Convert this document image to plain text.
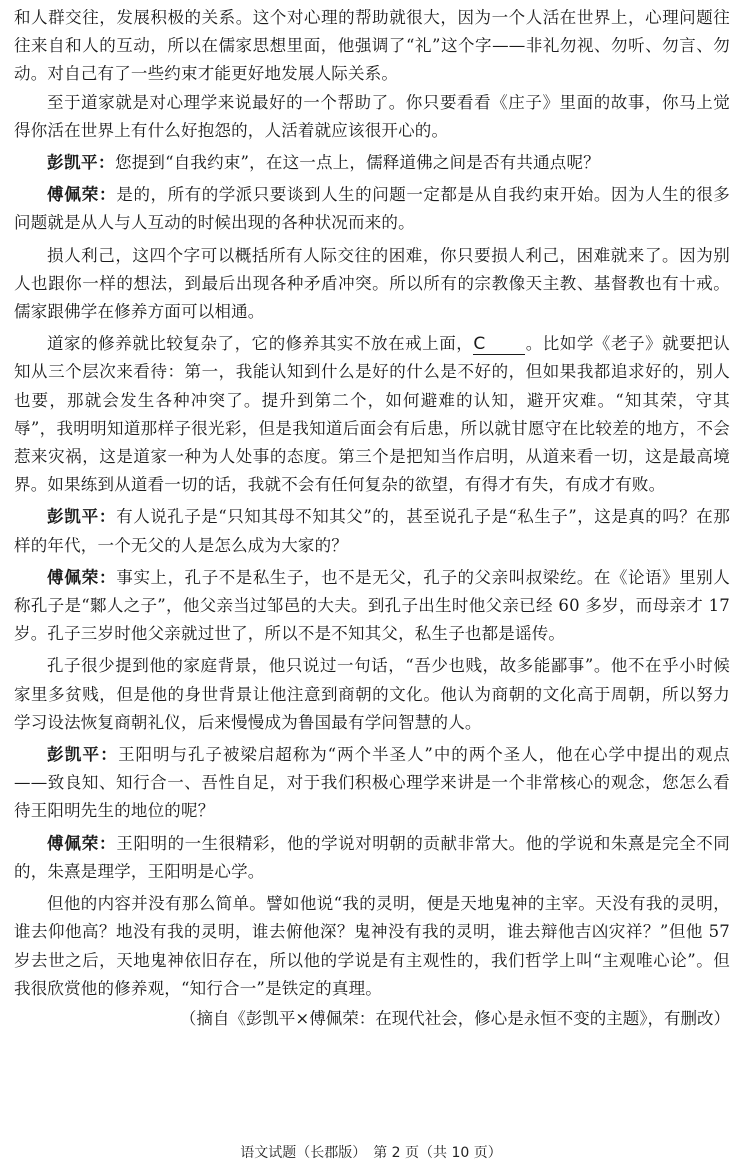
和人群交往，发展积极的关系。这个对心理的帮助就很大，因为一个人活在世界上，心理问题往往来自和人的互动，所以在儒家思想里面，他强调了“礼”这个字——非礼勿视、勿听、勿言、勿动。对自己有了一些约束才能更好地发展人际关系。

至于道家就是对心理学来说最好的一个帮助了。你只要看看《庄子》里面的故事，你马上觉得你活在世界上有什么好抱怨的，人活着就应该很开心的。

彭凯平：您提到“自我约束”，在这一点上，儒释道佛之间是否有共通点呢？

傅佩荣：是的，所有的学派只要谈到人生的问题一定都是从自我约束开始。因为人生的很多问题就是从人与人互动的时候出现的各种状况而来的。

损人利己，这四个字可以概括所有人际交往的困难，你只要损人利己，困难就来了。因为别人也跟你一样的想法，到最后出现各种矛盾冲突。所以所有的宗教像天主教、基督教也有十戒。儒家跟佛学在修养方面可以相通。

道家的修养就比较复杂了，它的修养其实不放在戒上面，C 。比如学《老子》就要把认知从三个层次来看待：第一，我能认知到什么是好的什么是不好的，但如果我都追求好的，别人也要，那就会发生各种冲突了。提升到第二个，如何避难的认知，避开灾难。“知其荣，守其辱”，我明明知道那样子很光彩，但是我知道后面会有后患，所以就甘愿守在比较差的地方，不会惹来灾祸，这是道家一种为人处事的态度。第三个是把知当作启明，从道来看一切，这是最高境界。如果练到从道看一切的话，我就不会有任何复杂的欲望，有得才有失，有成才有败。

彭凯平：有人说孔子是“只知其母不知其父”的，甚至说孔子是“私生子”，这是真的吗？在那样的年代，一个无父的人是怎么成为大家的？

傅佩荣：事实上，孔子不是私生子，也不是无父，孔子的父亲叫叔梁纥。在《论语》里别人称孔子是“鄹人之子”，他父亲当过邹邑的大夫。到孔子出生时他父亲已经 60 多岁，而母亲才 17 岁。孔子三岁时他父亲就过世了，所以不是不知其父，私生子也都是谣传。

孔子很少提到他的家庭背景，他只说过一句话，“吾少也贱，故多能鄙事”。他不在乎小时候家里多贫贱，但是他的身世背景让他注意到商朝的文化。他认为商朝的文化高于周朝，所以努力学习设法恢复商朝礼仪，后来慢慢成为鲁国最有学问智慧的人。

彭凯平：王阳明与孔子被梁启超称为“两个半圣人”中的两个圣人，他在心学中提出的观点——致良知、知行合一、吾性自足，对于我们积极心理学来讲是一个非常核心的观念，您怎么看待王阳明先生的地位的呢？

傅佩荣：王阳明的一生很精彩，他的学说对明朝的贡献非常大。他的学说和朱熹是完全不同的，朱熹是理学，王阳明是心学。

但他的内容并没有那么简单。譬如他说“我的灵明，便是天地鬼神的主宰。天没有我的灵明，谁去仰他高？地没有我的灵明，谁去俯他深？鬼神没有我的灵明，谁去辩他吉凶灾祥？”但他 57 岁去世之后，天地鬼神依旧存在，所以他的学说是有主观性的，我们哲学上叫“主观唯心论”。但我很欣赏他的修养观，“知行合一”是铁定的真理。

（摘自《彭凯平×傅佩荣：在现代社会，修心是永恒不变的主题》，有删改）

语文试题（长郡版）　第 2 页（共 10 页）
